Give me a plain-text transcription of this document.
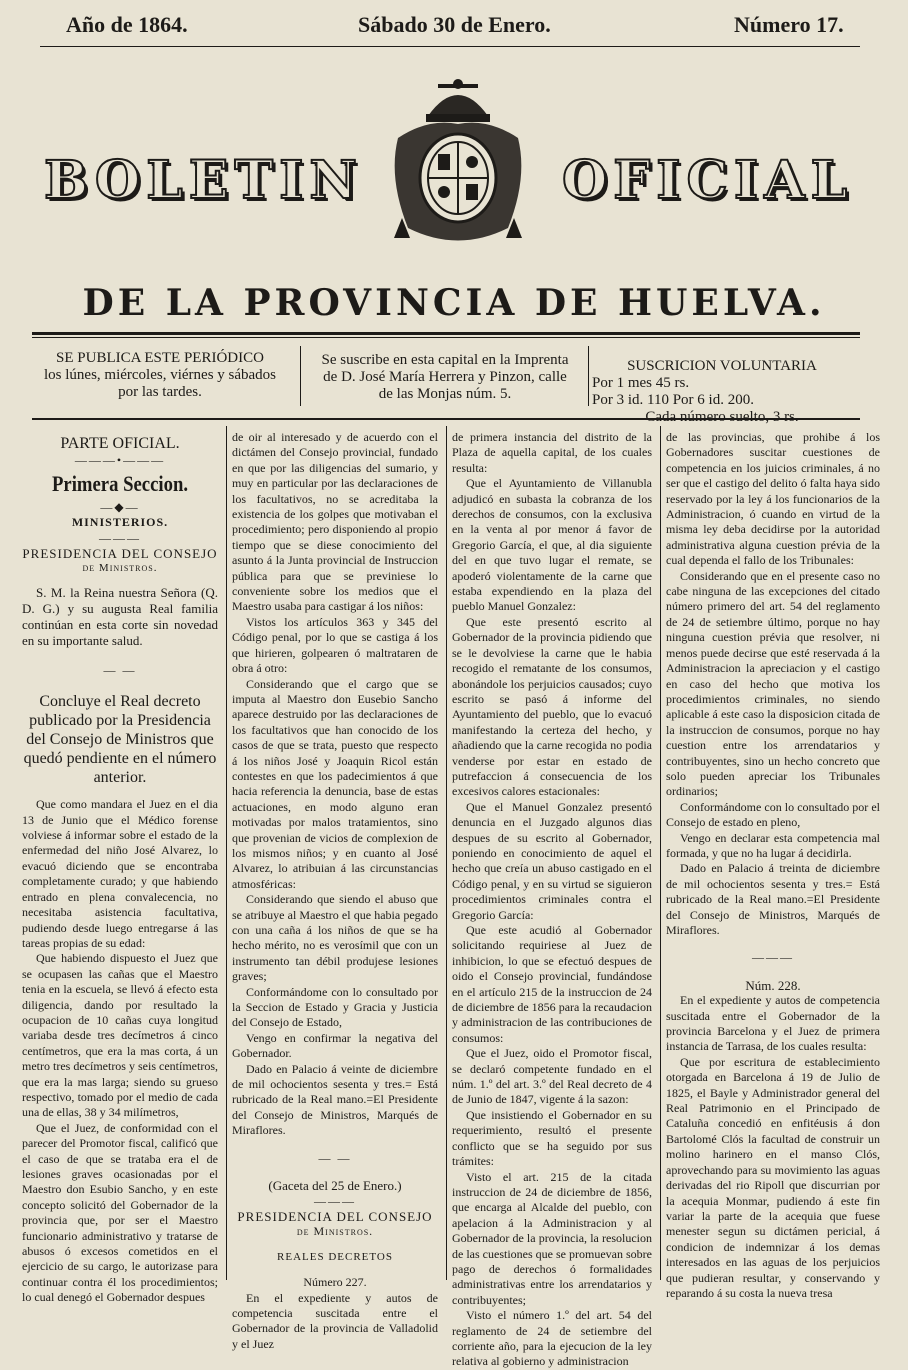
Año de 1864.	Sábado 30 de Enero.	Número 17.
BOLETIN	OFICIAL
DE LA PROVINCIA DE HUELVA.
SE PUBLICA ESTE PERIÓDICO
los lúnes, miércoles, viérnes y sábados
por las tardes.
Se suscribe en esta capital en la Imprenta
de D. José María Herrera y Pinzon, calle
de las Monjas núm. 5.
SUSCRICION VOLUNTARIA
Por 1 mes 45 rs.
Por 3 id. 110 Por 6 id. 200.
Cada número suelto, 3 rs.

PARTE OFICIAL.

———•———

Primera Seccion.

—◆—

MINISTERIOS.

———

PRESIDENCIA DEL CONSEJO

de Ministros.

S. M. la Reina nuestra Señora (Q. D. G.) y su augusta Real familia continúan en esta corte sin novedad en su importante salud.

— —

Concluye el Real decreto publicado por la Presidencia del Consejo de Ministros que quedó pendiente en el número anterior.

Que como mandara el Juez en el dia 13 de Junio que el Médico forense volviese á informar sobre el estado de la enfermedad del niño José Alvarez, lo evacuó diciendo que se encontraba completamente curado; y que habiendo entrado en plena convalecencia, no necesitaba asistencia facultativa, pudiendo desde luego entregarse á las tareas propias de su edad:

Que habiendo dispuesto el Juez que se ocupasen las cañas que el Maestro tenia en la escuela, se llevó á efecto esta diligencia, dando por resultado la ocupacion de 10 cañas cuya longitud variaba desde tres decímetros á cinco centímetros, que era la mas corta, á un metro tres decímetros y seis centímetros, que era la mas larga; siendo su grueso respectivo, tomado por el medio de cada una de ellas, 38 y 34 milímetros,

Que el Juez, de conformidad con el parecer del Promotor fiscal, calificó que el caso de que se trataba era el de lesiones graves ocasionadas por el Maestro don Esubio Sancho, y en este concepto solicitó del Gobernador de la provincia que, por ser el Maestro funcionario administrativo y tratarse de abusos ó excesos cometidos en el ejercicio de su cargo, le autorizase para continuar contra él los procedimientos; lo cual denegó el Gobernador despues

de oir al interesado y de acuerdo con el dictámen del Consejo provincial, fundado en que por las diligencias del sumario, y muy en particular por las declaraciones de los facultativos, no se acreditaba la existencia de los golpes que motivaban el procedimiento; pero disponiendo al propio tiempo que se diese conocimiento del asunto á la Junta provincial de Instruccion pública para que se previniese lo conveniente sobre los medios que el Maestro usaba para castigar á los niños:

Vistos los artículos 363 y 345 del Código penal, por lo que se castiga á los que hirieren, golpearen ó maltrataren de obra á otro:

Considerando que el cargo que se imputa al Maestro don Eusebio Sancho aparece destruido por las declaraciones de los facultativos que han conocido de los casos de que se trata, puesto que respecto á los niños José y Joaquin Ricol están contestes en que los padecimientos á que hacia referencia la denuncia, base de estas actuaciones, en modo alguno eran motivadas por malos tratamientos, sino que provenian de vicios de complexion de los mismos niños; y en cuanto al José Alvarez, lo atribuian á las circunstancias atmosféricas:

Considerando que siendo el abuso que se atribuye al Maestro el que habia pegado con una caña á los niños de que se ha hecho mérito, no es verosímil que con un instrumento tan débil produjese lesiones graves;

Conformándome con lo consultado por la Seccion de Estado y Gracia y Justicia del Consejo de Estado,

Vengo en confirmar la negativa del Gobernador.

Dado en Palacio á veinte de diciembre de mil ochocientos sesenta y tres.= Está rubricado de la Real mano.=El Presidente del Consejo de Ministros, Marqués de Miraflores.

— —

(Gaceta del 25 de Enero.)

———

PRESIDENCIA DEL CONSEJO

de Ministros.

REALES DECRETOS

Número 227.

En el expediente y autos de competencia suscitada entre el Gobernador de la provincia de Valladolid y el Juez

de primera instancia del distrito de la Plaza de aquella capital, de los cuales resulta:

Que el Ayuntamiento de Villanubla adjudicó en subasta la cobranza de los derechos de consumos, con la exclusiva en la venta al por menor á favor de Gregorio García, el que, al dia siguiente del en que tuvo lugar el remate, se apoderó violentamente de la carne que estaba expendiendo en la plaza del pueblo Manuel Gonzalez:

Que este presentó escrito al Gobernador de la provincia pidiendo que se le devolviese la carne que le habia recogido el rematante de los consumos, abonándole los perjuicios causados; cuyo escrito se pasó á informe del Ayuntamiento del pueblo, que lo evacuó manifestando la certeza del hecho, y añadiendo que la carne recogida no podia venderse por estar en estado de putrefaccion á consecuencia de los excesivos calores estacionales:

Que el Manuel Gonzalez presentó denuncia en el Juzgado algunos dias despues de su escrito al Gobernador, poniendo en conocimiento de aquel el hecho que creía un abuso castigado en el Código penal, y en su virtud se siguieron procedimientos criminales contra el Gregorio García:

Que este acudió al Gobernador solicitando requiriese al Juez de inhibicion, lo que se efectuó despues de oido el Consejo provincial, fundándose en el artículo 215 de la instruccion de 24 de diciembre de 1856 para la recaudacion y administracion de las contribuciones de consumos:

Que el Juez, oido el Promotor fiscal, se declaró competente fundado en el núm. 1.º del art. 3.º del Real decreto de 4 de Junio de 1847, vigente á la sazon:

Que insistiendo el Gobernador en su requerimiento, resultó el presente conflicto que se ha seguido por sus trámites:

Visto el art. 215 de la citada instruccion de 24 de diciembre de 1856, que encarga al Alcalde del pueblo, con apelacion á la Administracion y al Gobernador de la provincia, la resolucion de las cuestiones que se promuevan sobre pago de derechos ó formalidades administrativas entre los arrendatarios y contribuyentes;

Visto el número 1.º del art. 54 del reglamento de 24 de setiembre del corriente año, para la ejecucion de la ley relativa al gobierno y administracion

de las provincias, que prohibe á los Gobernadores suscitar cuestiones de competencia en los juicios criminales, á no ser que el castigo del delito ó falta haya sido reservado por la ley á los funcionarios de la Administracion, ó cuando en virtud de la misma ley deba decidirse por la autoridad administrativa alguna cuestion prévia de la cual dependa el fallo de los Tribunales:

Considerando que en el presente caso no cabe ninguna de las excepciones del citado número primero del art. 54 del reglamento de 24 de setiembre último, porque no hay ninguna cuestion prévia que resolver, ni menos puede decirse que esté reservada á la Administracion la apreciacion y el castigo en caso del hecho que motiva los procedimientos criminales, no siendo aplicable á este caso la disposicion citada de la instruccion de consumos, porque no hay cuestion entre los arrendatarios y contribuyentes, sino un hecho concreto que solo pueden apreciar los Tribunales ordinarios;

Conformándome con lo consultado por el Consejo de estado en pleno,

Vengo en declarar esta competencia mal formada, y que no ha lugar á decidirla.

Dado en Palacio á treinta de diciembre de mil ochocientos sesenta y tres.= Está rubricado de la Real mano.=El Presidente del Consejo de Ministros, Marqués de Miraflores.

———

Núm. 228.

En el expediente y autos de competencia suscitada entre el Gobernador de la provincia Barcelona y el Juez de primera instancia de Tarrasa, de los cuales resulta:

Que por escritura de establecimiento otorgada en Barcelona á 19 de Julio de 1825, el Bayle y Administrador general del Real Patrimonio en el Principado de Cataluña concedió en enfitéusis á don Bartolomé Clós la facultad de construir un molino harinero en el manso Clós, aprovechando para su movimiento las aguas derivadas del rio Ripoll que discurrian por la acequia Monmar, pudiendo á este fin variar la parte de la acequia que fuese menester segun su dictámen pericial, á condicion de indemnizar á los demas interesados en las aguas de los perjuicios que pudieran resultar, y conservando y reparando á su costa la nueva tresa
